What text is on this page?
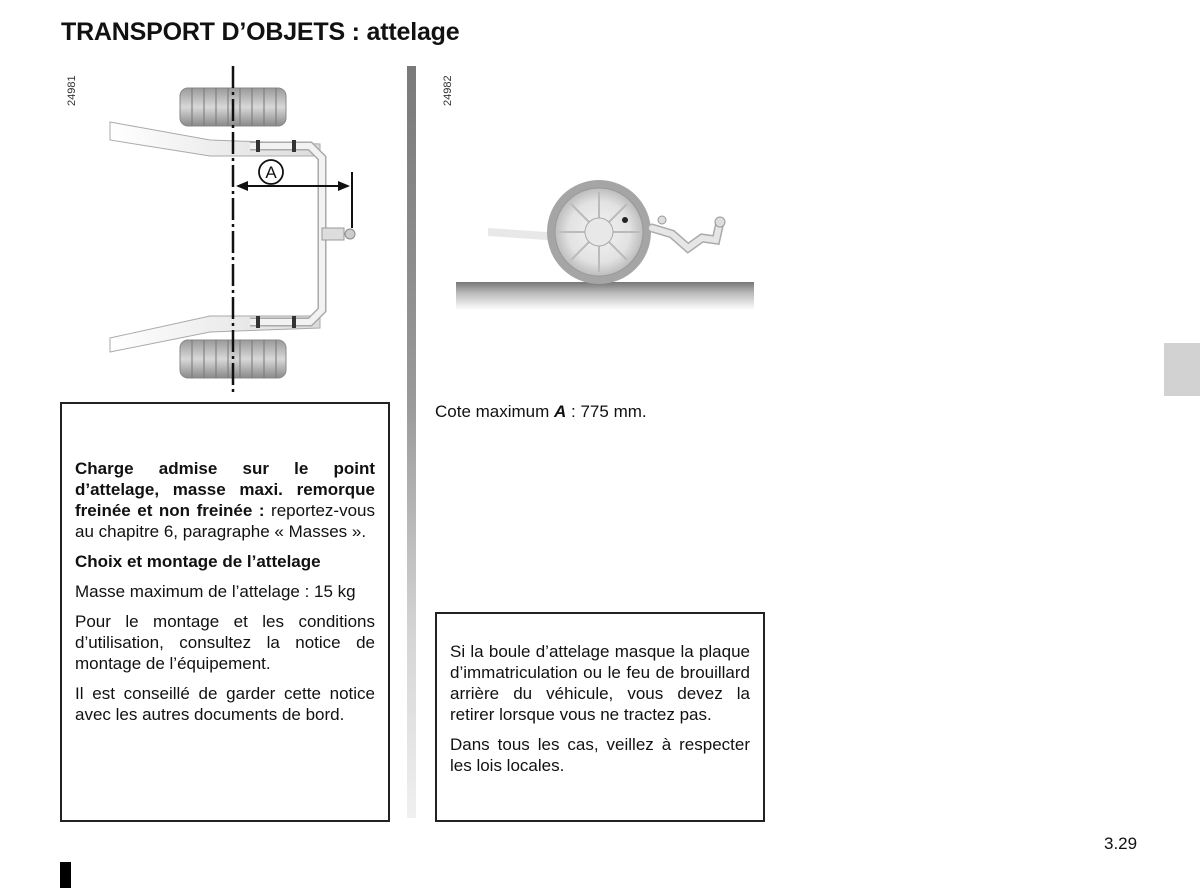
TRANSPORT D’OBJETS : attelage
24981
A
24982

Charge admise sur le point d’attelage, masse maxi. remorque freinée et non freinée : reportez-vous au chapitre 6, paragraphe « Masses ».

Choix et montage de l’attelage

Masse maximum de l’attelage : 15 kg

Pour le montage et les conditions d’utilisation, consultez la notice de montage de l’équipement.

Il est conseillé de garder cette notice avec les autres documents de bord.

Cote maximum A : 775 mm.

Si la boule d’attelage masque la plaque d’immatriculation ou le feu de brouillard arrière du véhicule, vous devez la retirer lorsque vous ne tractez pas.

Dans tous les cas, veillez à respecter les lois locales.

3.29
